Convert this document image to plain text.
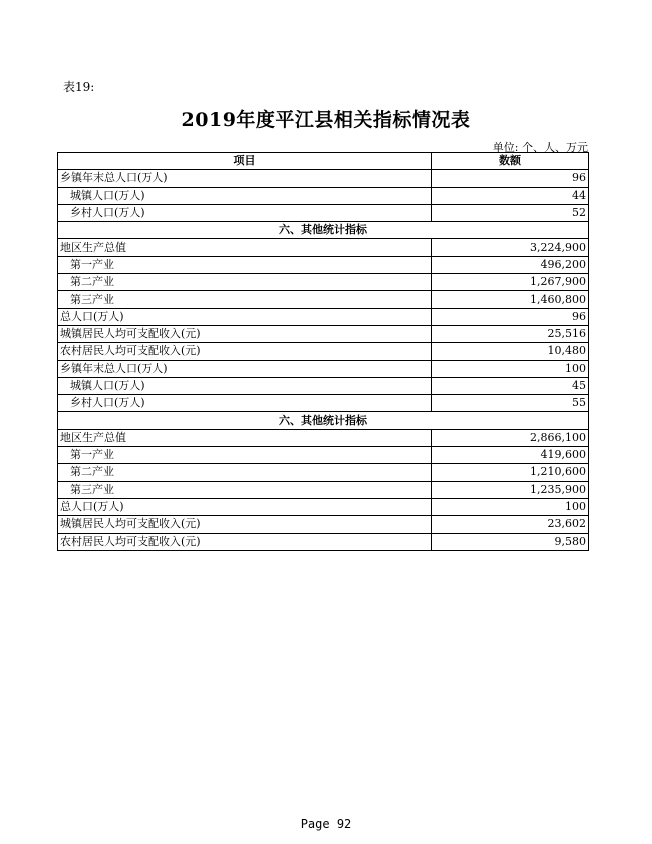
表19:
2019年度平江县相关指标情况表
单位: 个、人、万元
项目	数额
乡镇年末总人口(万人)	96
城镇人口(万人)	44
乡村人口(万人)	52
六、其他统计指标	
地区生产总值	3,224,900
第一产业	496,200
第二产业	1,267,900
第三产业	1,460,800
总人口(万人)	96
城镇居民人均可支配收入(元)	25,516
农村居民人均可支配收入(元)	10,480
乡镇年末总人口(万人)	100
城镇人口(万人)	45
乡村人口(万人)	55
六、其他统计指标	
地区生产总值	2,866,100
第一产业	419,600
第二产业	1,210,600
第三产业	1,235,900
总人口(万人)	100
城镇居民人均可支配收入(元)	23,602
农村居民人均可支配收入(元)	9,580
Page 92
